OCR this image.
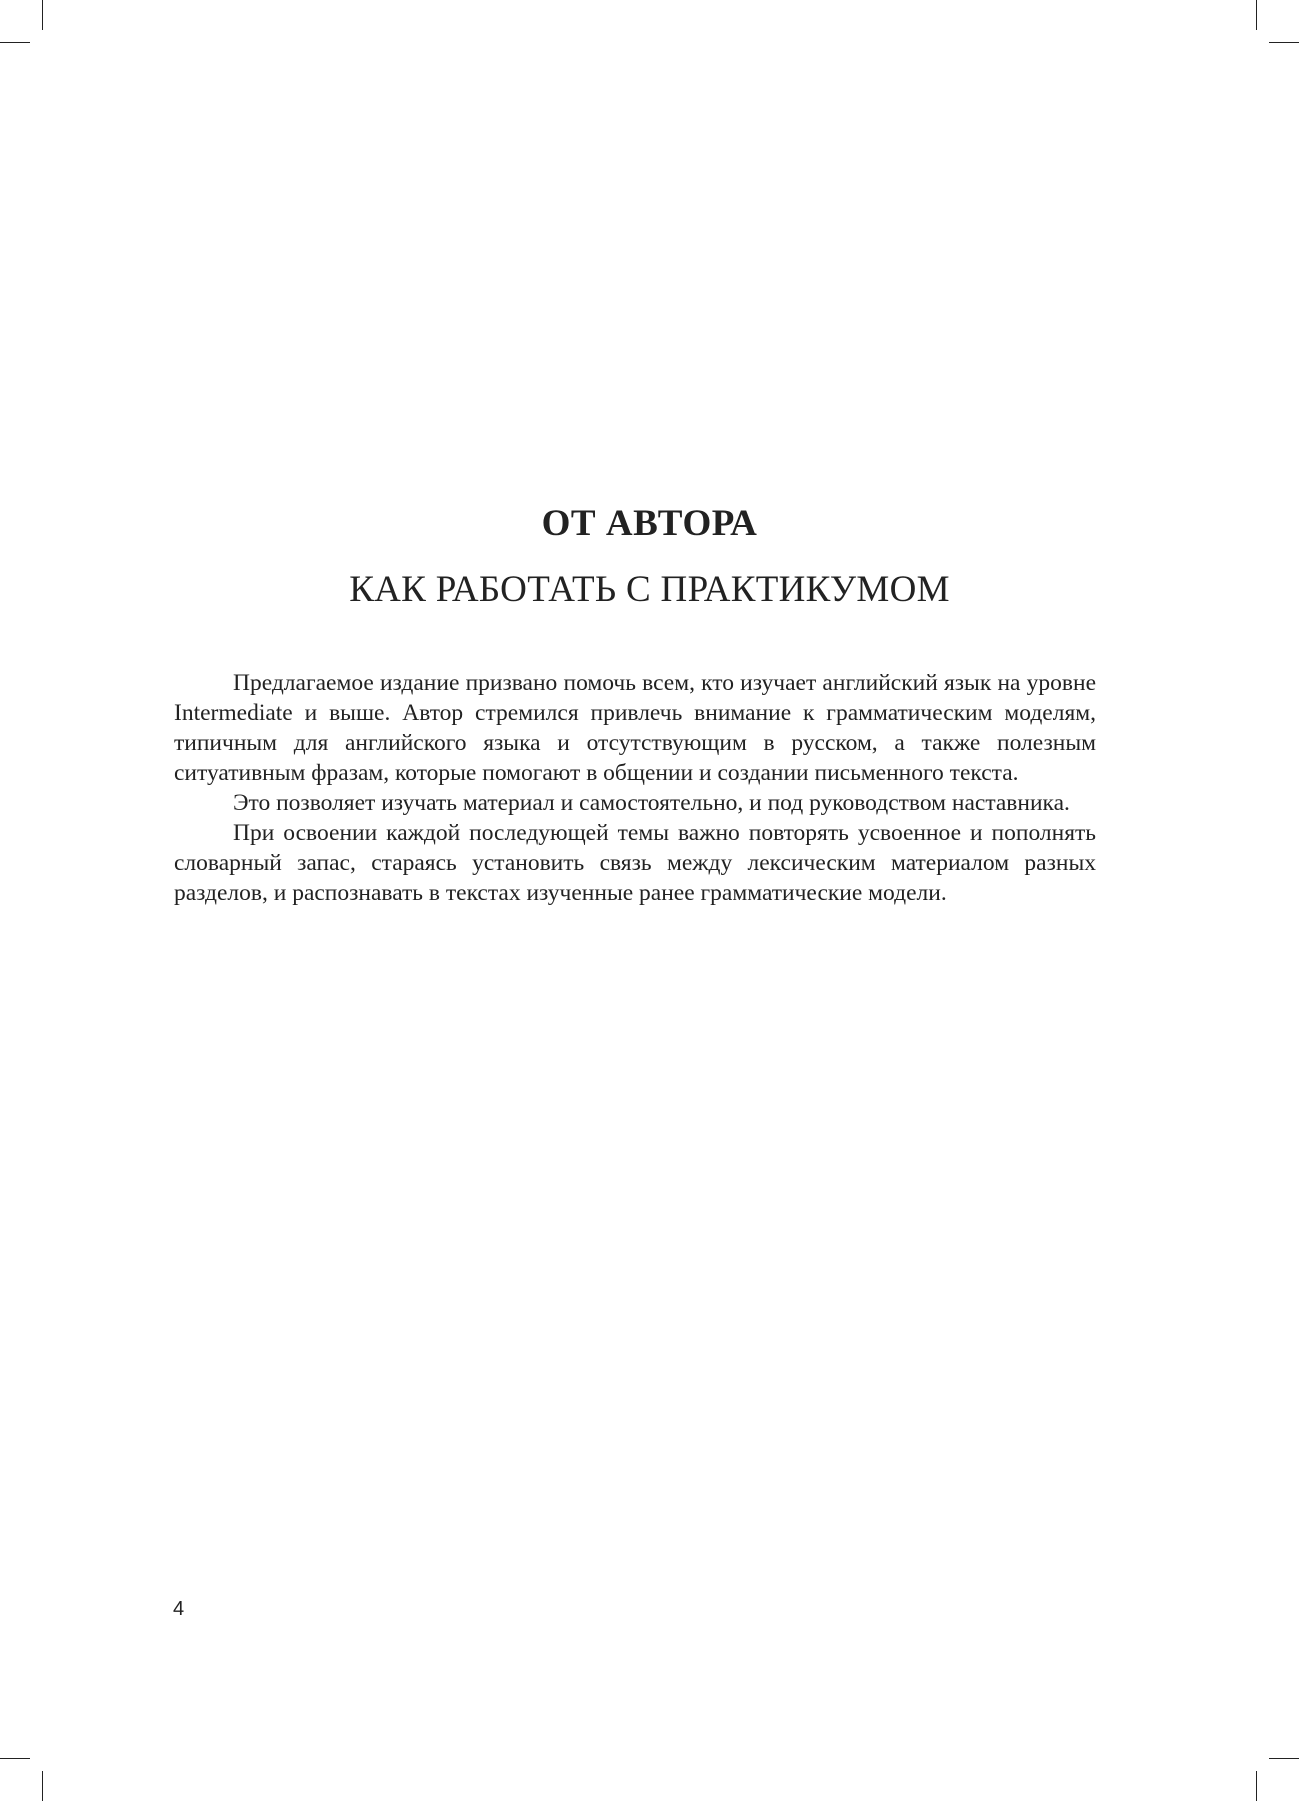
ОТ АВТОРА
КАК РАБОТАТЬ С ПРАКТИКУМОМ

Предлагаемое издание призвано помочь всем, кто изучает английский язык на уровне Intermediate и выше. Автор стремился привлечь внимание к грамматическим моделям, типичным для английского языка и отсутствующим в русском, а также полезным ситуативным фразам, которые помогают в общении и создании письменного текста.

Это позволяет изучать материал и самостоятельно, и под руководством наставника.

При освоении каждой последующей темы важно повторять усвоенное и пополнять словарный запас, стараясь установить связь между лексическим материалом разных разделов, и распознавать в текстах изученные ранее грамматические модели.

4
